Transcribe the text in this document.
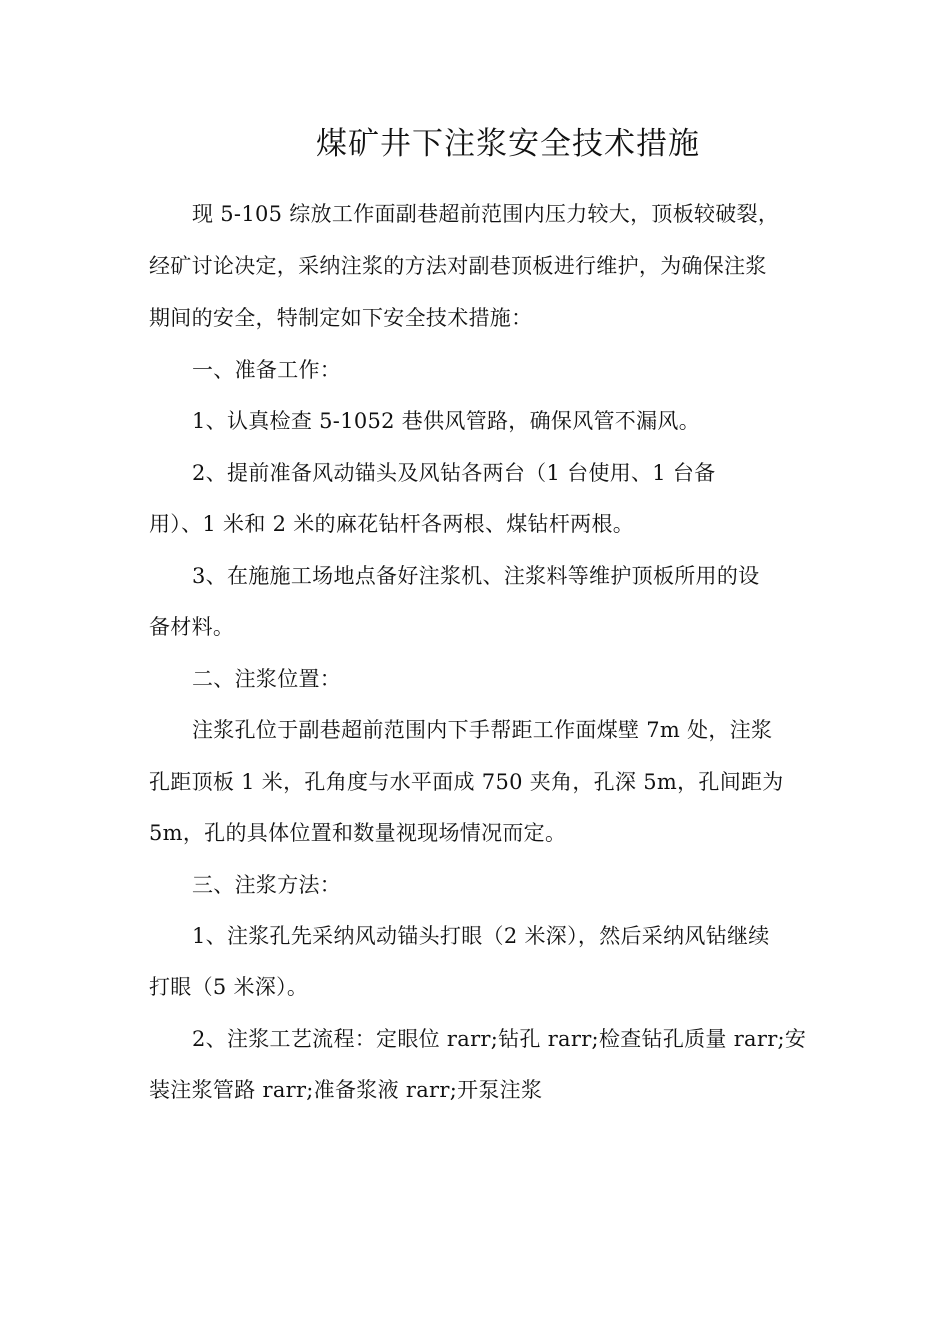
煤矿井下注浆安全技术措施
现 5-105 综放工作面副巷超前范围内压力较大，顶板较破裂，
经矿讨论决定，采纳注浆的方法对副巷顶板进行维护，为确保注浆
期间的安全，特制定如下安全技术措施：
一、准备工作：
1、认真检查 5-1052 巷供风管路，确保风管不漏风。
2、提前准备风动锚头及风钻各两台（1 台使用、1 台备
用）、1 米和 2 米的麻花钻杆各两根、煤钻杆两根。
3、在施施工场地点备好注浆机、注浆料等维护顶板所用的设
备材料。
二、注浆位置：
注浆孔位于副巷超前范围内下手帮距工作面煤壁 7m 处，注浆
孔距顶板 1 米，孔角度与水平面成 750 夹角，孔深 5m，孔间距为
5m，孔的具体位置和数量视现场情况而定。
三、注浆方法：
1、注浆孔先采纳风动锚头打眼（2 米深），然后采纳风钻继续
打眼（5 米深）。
2、注浆工艺流程：定眼位 rarr;钻孔 rarr;检查钻孔质量 rarr;安
装注浆管路 rarr;准备浆液 rarr;开泵注浆
